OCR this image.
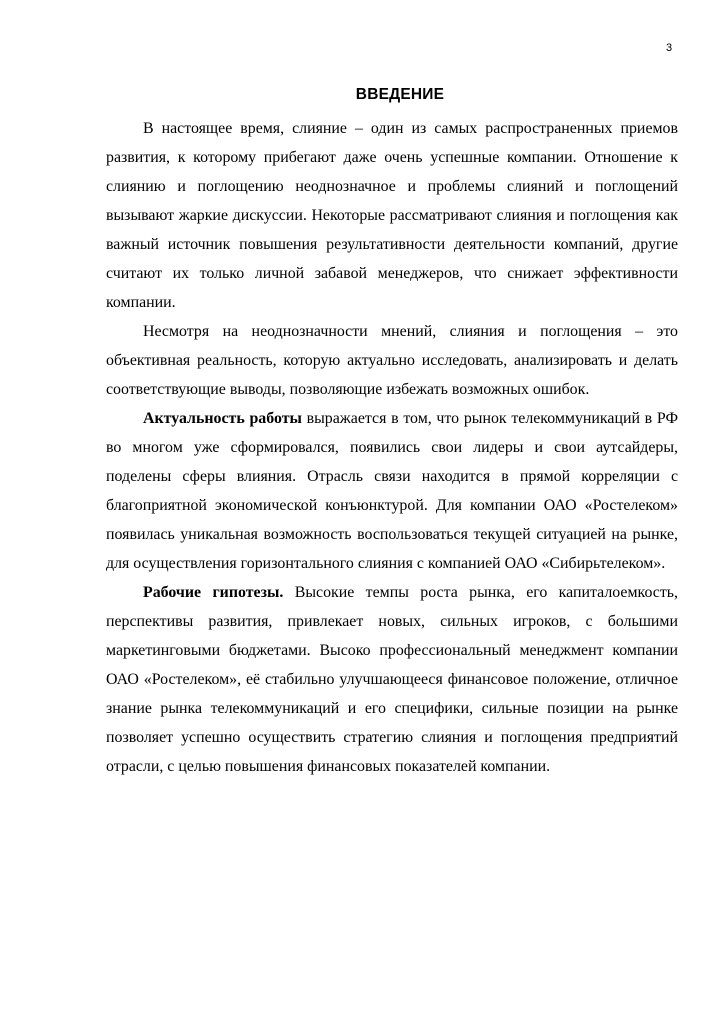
3
ВВЕДЕНИЕ

В настоящее время, слияние – один из самых распространенных приемов развития, к которому прибегают даже очень успешные компании. Отношение к слиянию и поглощению неоднозначное и проблемы слияний и поглощений вызывают жаркие дискуссии. Некоторые рассматривают слияния и поглощения как важный источник повышения результативности деятельности компаний, другие считают их только личной забавой менеджеров, что снижает эффективности компании.

Несмотря на неоднозначности мнений, слияния и поглощения – это объективная реальность, которую актуально исследовать, анализировать и делать соответствующие выводы, позволяющие избежать возможных ошибок.

Актуальность работы выражается в том, что рынок телекоммуникаций в РФ во многом уже сформировался, появились свои лидеры и свои аутсайдеры, поделены сферы влияния. Отрасль связи находится в прямой корреляции с благоприятной экономической конъюнктурой. Для компании ОАО «Ростелеком» появилась уникальная возможность воспользоваться текущей ситуацией на рынке, для осуществления горизонтального слияния с компанией ОАО «Сибирьтелеком».

Рабочие гипотезы. Высокие темпы роста рынка, его капиталоемкость, перспективы развития, привлекает новых, сильных игроков, с большими маркетинговыми бюджетами. Высоко профессиональный менеджмент компании ОАО «Ростелеком», её стабильно улучшающееся финансовое положение, отличное знание рынка телекоммуникаций и его специфики, сильные позиции на рынке позволяет успешно осуществить стратегию слияния и поглощения предприятий отрасли, с целью повышения финансовых показателей компании.
